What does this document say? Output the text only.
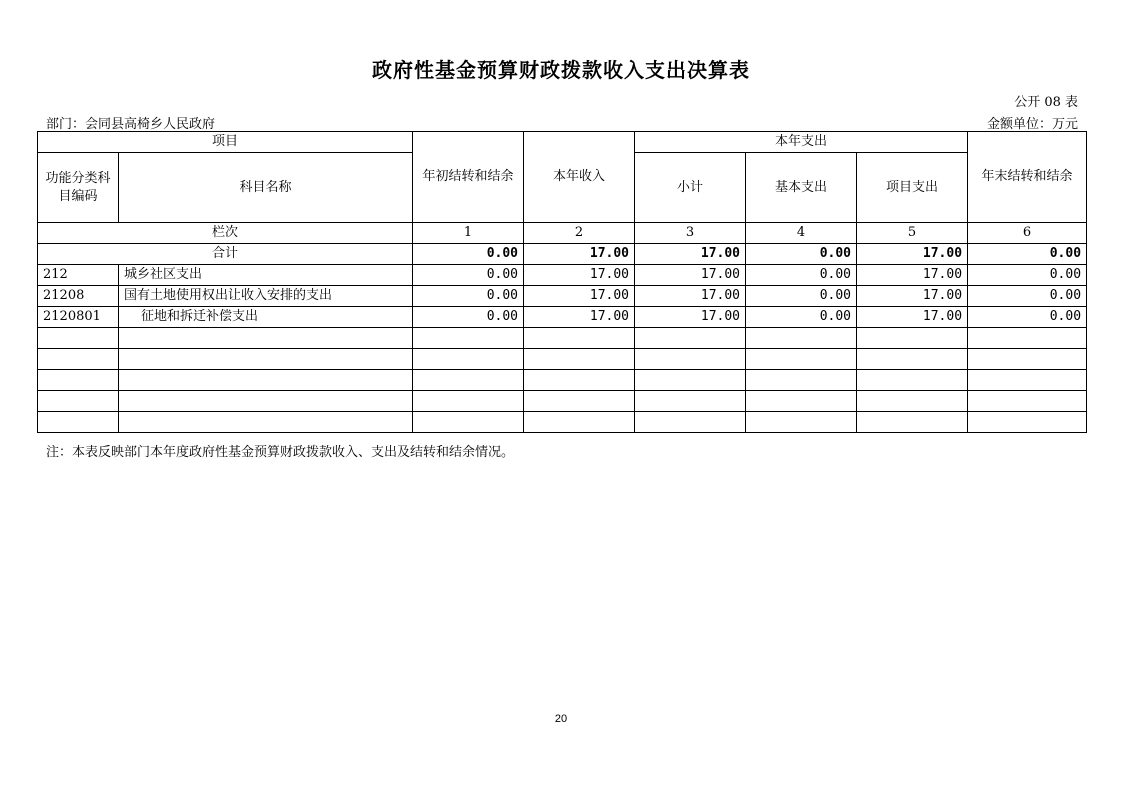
政府性基金预算财政拨款收入支出决算表
公开 08 表
部门：会同县高椅乡人民政府	金额单位：万元
项目		年初结转和结余	本年收入	本年支出			年末结转和结余
功能分类科目编码	科目名称			小计	基本支出	项目支出	
栏次		1	2	3	4	5	6
合计		0.00	17.00	17.00	0.00	17.00	0.00
212	城乡社区支出	0.00	17.00	17.00	0.00	17.00	0.00
21208	国有土地使用权出让收入安排的支出	0.00	17.00	17.00	0.00	17.00	0.00
2120801	征地和拆迁补偿支出	0.00	17.00	17.00	0.00	17.00	0.00

注：本表反映部门本年度政府性基金预算财政拨款收入、支出及结转和结余情况。
20
